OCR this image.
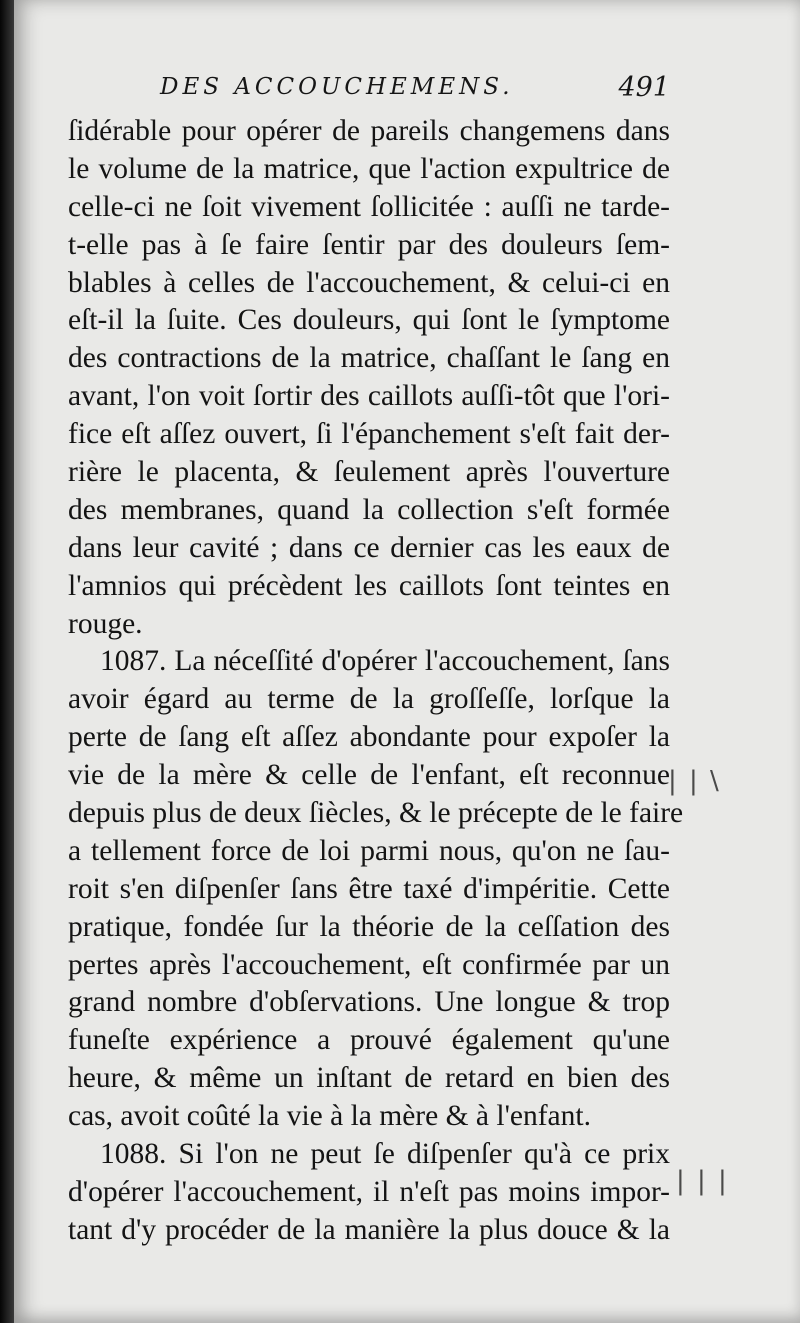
DES ACCOUCHEMENS.	491
ſidérable pour opérer de pareils changemens dans
le volume de la matrice, que l'action expultrice de
celle-ci ne ſoit vivement ſollicitée : auſſi ne tarde-
t-elle pas à ſe faire ſentir par des douleurs ſem-
blables à celles de l'accouchement, & celui-ci en
eſt-il la ſuite. Ces douleurs, qui ſont le ſymptome
des contractions de la matrice, chaſſant le ſang en
avant, l'on voit ſortir des caillots auſſi-tôt que l'ori-
fice eſt aſſez ouvert, ſi l'épanchement s'eſt fait der-
rière le placenta, & ſeulement après l'ouverture
des membranes, quand la collection s'eſt formée
dans leur cavité ; dans ce dernier cas les eaux de
l'amnios qui précèdent les caillots ſont teintes en
rouge.
1087. La néceſſité d'opérer l'accouchement, ſans
avoir égard au terme de la groſſeſſe, lorſque la
perte de ſang eſt aſſez abondante pour expoſer la
vie de la mère & celle de l'enfant, eſt reconnue
depuis plus de deux ſiècles, & le précepte de le faire
a tellement force de loi parmi nous, qu'on ne ſau-
roit s'en diſpenſer ſans être taxé d'impéritie. Cette
pratique, fondée ſur la théorie de la ceſſation des
pertes après l'accouchement, eſt confirmée par un
grand nombre d'obſervations. Une longue & trop
funeſte expérience a prouvé également qu'une
heure, & même un inſtant de retard en bien des
cas, avoit coûté la vie à la mère & à l'enfant.
1088. Si l'on ne peut ſe diſpenſer qu'à ce prix
d'opérer l'accouchement, il n'eſt pas moins impor-
tant d'y procéder de la manière la plus douce & la
| | \
| | |
